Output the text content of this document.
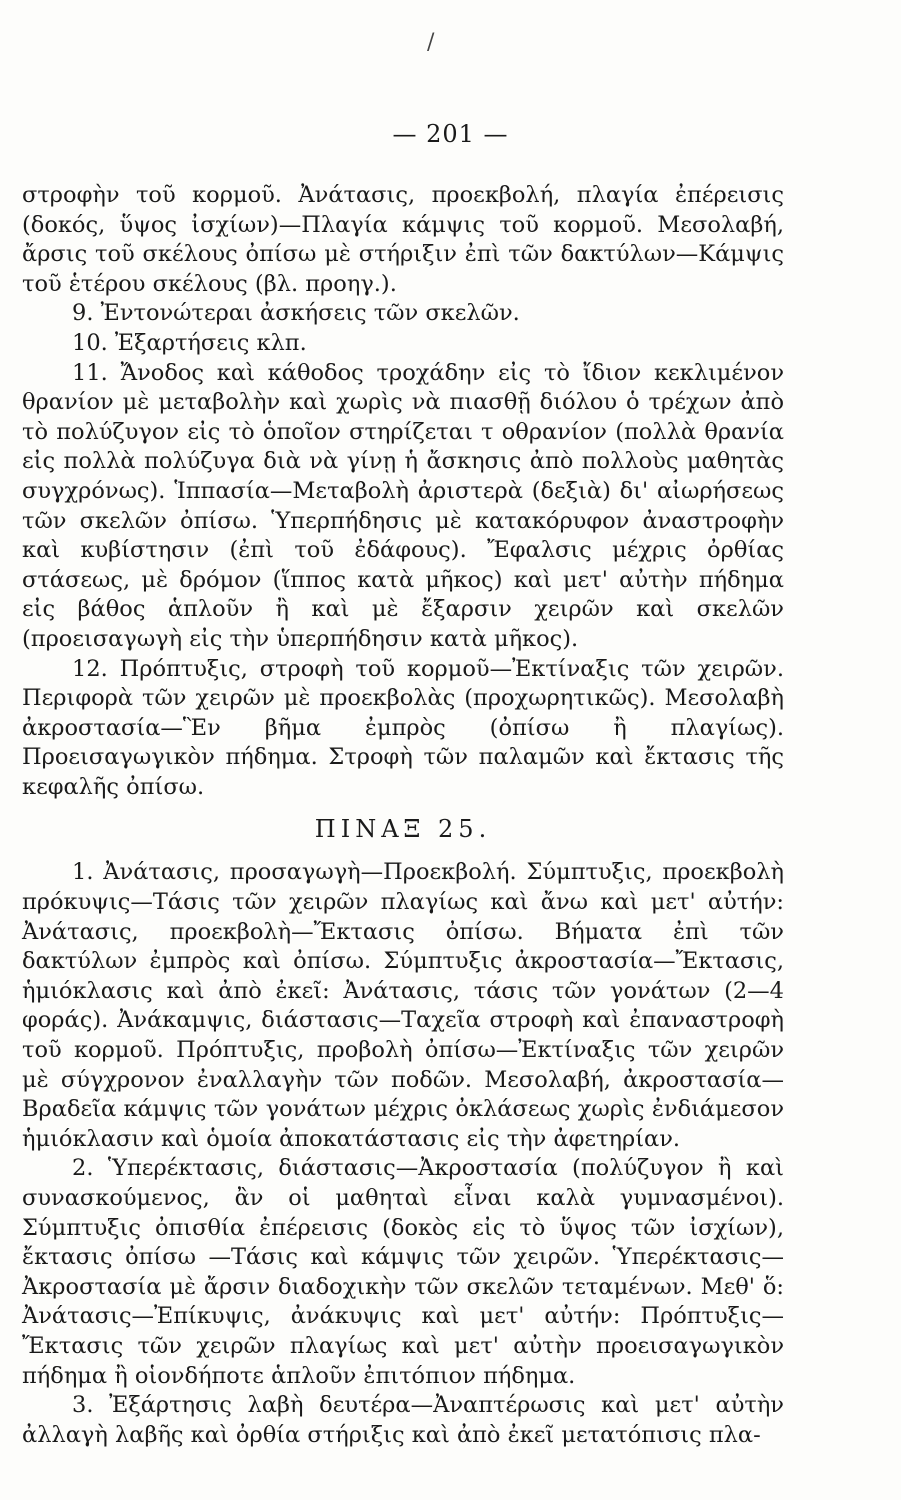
/
— 201 —

στροφὴν τοῦ κορμοῦ. Ἀνάτασις, προεκβολή, πλαγία ἐπέρεισις (δοκός, ὕψος ἰσχίων)—Πλαγία κάμψις τοῦ κορμοῦ. Μεσολαβή, ἄρσις τοῦ σκέλους ὀπίσω μὲ στήριξιν ἐπὶ τῶν δακτύλων—Κάμψις τοῦ ἑτέρου σκέλους (βλ. προηγ.).

9. Ἐντονώτεραι ἀσκήσεις τῶν σκελῶν.

10. Ἐξαρτήσεις κλπ.

11. Ἄνοδος καὶ κάθοδος τροχάδην εἰς τὸ ἴδιον κεκλιμένον θρανίον μὲ μεταβολὴν καὶ χωρὶς νὰ πιασθῇ διόλου ὁ τρέχων ἀπὸ τὸ πολύζυγον εἰς τὸ ὁποῖον στηρίζεται τ οθρανίον (πολλὰ θρανία εἰς πολλὰ πολύζυγα διὰ νὰ γίνῃ ἡ ἄσκησις ἀπὸ πολλοὺς μαθητὰς συγχρόνως). Ἱππασία—Μεταβολὴ ἀριστερὰ (δεξιὰ) δι' αἰωρήσεως τῶν σκελῶν ὀπίσω. Ὑπερπήδησις μὲ κατακόρυφον ἀναστροφὴν καὶ κυβίστησιν (ἐπὶ τοῦ ἐδάφους). Ἔφαλσις μέχρις ὀρθίας στάσεως, μὲ δρόμον (ἵππος κατὰ μῆκος) καὶ μετ' αὐτὴν πήδημα εἰς βάθος ἁπλοῦν ἢ καὶ μὲ ἔξαρσιν χειρῶν καὶ σκελῶν (προεισαγωγὴ εἰς τὴν ὑπερπήδησιν κατὰ μῆκος).

12. Πρόπτυξις, στροφὴ τοῦ κορμοῦ—Ἐκτίναξις τῶν χειρῶν. Περιφορὰ τῶν χειρῶν μὲ προεκβολὰς (προχωρητικῶς). Μεσολαβὴ ἀκροστασία—Ἓν βῆμα ἐμπρὸς (ὀπίσω ἢ πλαγίως). Προεισαγωγικὸν πήδημα. Στροφὴ τῶν παλαμῶν καὶ ἔκτασις τῆς κεφαλῆς ὀπίσω.

ΠΙΝΑΞ 25.

1. Ἀνάτασις, προσαγωγὴ—Προεκβολή. Σύμπτυξις, προεκβολὴ πρόκυψις—Τάσις τῶν χειρῶν πλαγίως καὶ ἄνω καὶ μετ' αὐτήν: Ἀνάτασις, προεκβολὴ—Ἔκτασις ὀπίσω. Βήματα ἐπὶ τῶν δακτύλων ἐμπρὸς καὶ ὀπίσω. Σύμπτυξις ἀκροστασία—Ἔκτασις, ἡμιόκλασις καὶ ἀπὸ ἐκεῖ: Ἀνάτασις, τάσις τῶν γονάτων (2—4 φοράς). Ἀνάκαμψις, διάστασις—Ταχεῖα στροφὴ καὶ ἐπαναστροφὴ τοῦ κορμοῦ. Πρόπτυξις, προβολὴ ὀπίσω—Ἐκτίναξις τῶν χειρῶν μὲ σύγχρονον ἐναλλαγὴν τῶν ποδῶν. Μεσολαβή, ἀκροστασία—Βραδεῖα κάμψις τῶν γονάτων μέχρις ὀκλάσεως χωρὶς ἐνδιάμεσον ἡμιόκλασιν καὶ ὁμοία ἀποκατάστασις εἰς τὴν ἀφετηρίαν.

2. Ὑπερέκτασις, διάστασις—Ἀκροστασία (πολύζυγον ἢ καὶ συνασκούμενος, ἂν οἱ μαθηταὶ εἶναι καλὰ γυμνασμένοι). Σύμπτυξις ὀπισθία ἐπέρεισις (δοκὸς εἰς τὸ ὕψος τῶν ἰσχίων), ἔκτασις ὀπίσω —Τάσις καὶ κάμψις τῶν χειρῶν. Ὑπερέκτασις—Ἀκροστασία μὲ ἄρσιν διαδοχικὴν τῶν σκελῶν τεταμένων. Μεθ' ὅ: Ἀνάτασις—Ἐπίκυψις, ἀνάκυψις καὶ μετ' αὐτήν: Πρόπτυξις—Ἔκτασις τῶν χειρῶν πλαγίως καὶ μετ' αὐτὴν προεισαγωγικὸν πήδημα ἢ οἱονδήποτε ἁπλοῦν ἐπιτόπιον πήδημα.

3. Ἐξάρτησις λαβὴ δευτέρα—Ἀναπτέρωσις καὶ μετ' αὐτὴν ἀλλαγὴ λαβῆς καὶ ὀρθία στήριξις καὶ ἀπὸ ἐκεῖ μετατόπισις πλα-
